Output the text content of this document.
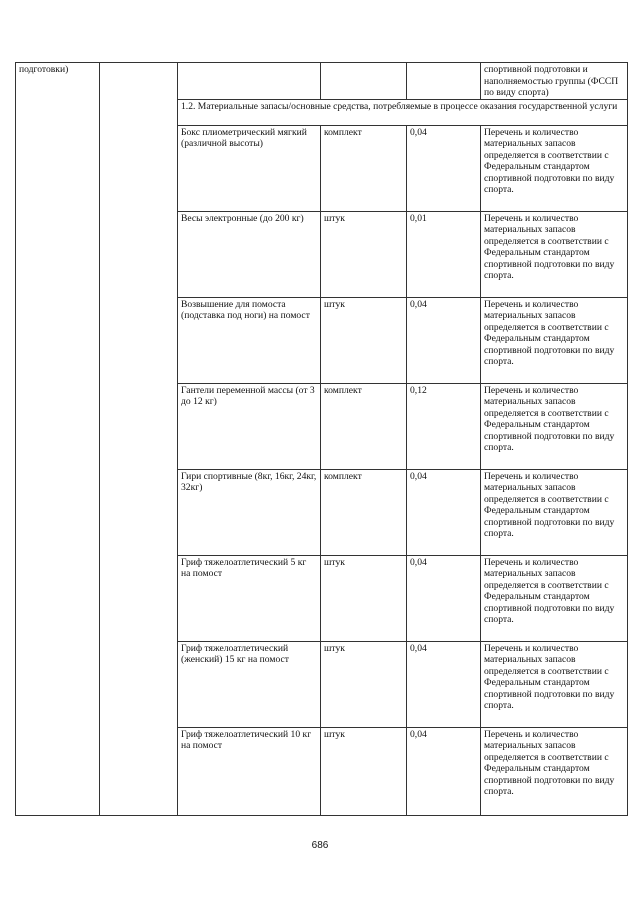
подготовки)					спортивной подготовки и наполняемостью группы (ФССП по виду спорта)
		1.2. Материальные запасы/основные средства, потребляемые в процессе оказания государственной услуги			
		Бокс плиометрический мягкий (различной высоты)	комплект	0,04	Перечень и количество материальных запасов определяется в соответствии с Федеральным стандартом спортивной подготовки по виду спорта.
		Весы электронные (до 200 кг)	штук	0,01	Перечень и количество материальных запасов определяется в соответствии с Федеральным стандартом спортивной подготовки по виду спорта.
		Возвышение для помоста (подставка под ноги) на помост	штук	0,04	Перечень и количество материальных запасов определяется в соответствии с Федеральным стандартом спортивной подготовки по виду спорта.
		Гантели переменной массы (от 3 до 12 кг)	комплект	0,12	Перечень и количество материальных запасов определяется в соответствии с Федеральным стандартом спортивной подготовки по виду спорта.
		Гири спортивные (8кг, 16кг, 24кг, 32кг)	комплект	0,04	Перечень и количество материальных запасов определяется в соответствии с Федеральным стандартом спортивной подготовки по виду спорта.
		Гриф тяжелоатлетический 5 кг на помост	штук	0,04	Перечень и количество материальных запасов определяется в соответствии с Федеральным стандартом спортивной подготовки по виду спорта.
		Гриф тяжелоатлетический (женский) 15 кг на помост	штук	0,04	Перечень и количество материальных запасов определяется в соответствии с Федеральным стандартом спортивной подготовки по виду спорта.
		Гриф тяжелоатлетический 10 кг на помост	штук	0,04	Перечень и количество материальных запасов определяется в соответствии с Федеральным стандартом спортивной подготовки по виду спорта.
686
